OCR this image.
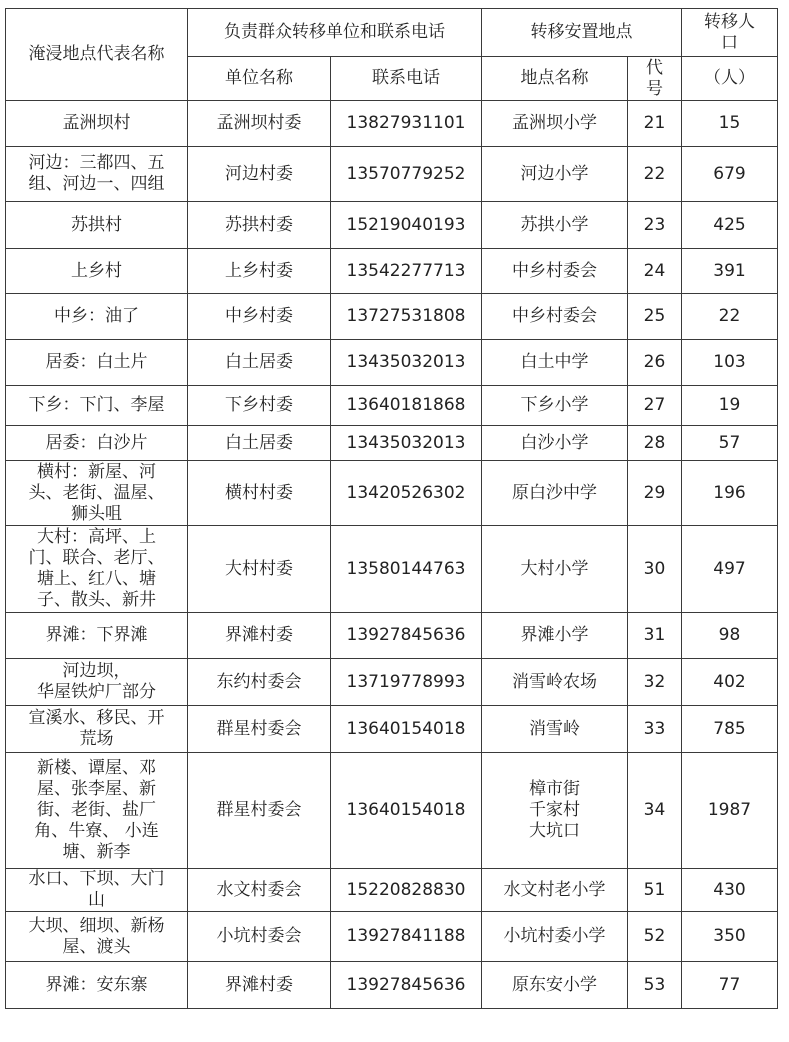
淹浸地点代表名称	负责群众转移单位和联系电话		转移安置地点		转移人
口
	单位名称	联系电话	地点名称	代
号	（人）
孟洲坝村	孟洲坝村委	13827931101	孟洲坝小学	21	15
河边：三都四、五
组、河边一、四组	河边村委	13570779252	河边小学	22	679
苏拱村	苏拱村委	15219040193	苏拱小学	23	425
上乡村	上乡村委	13542277713	中乡村委会	24	391
中乡：油了	中乡村委	13727531808	中乡村委会	25	22
居委：白土片	白土居委	13435032013	白土中学	26	103
下乡：下门、李屋	下乡村委	13640181868	下乡小学	27	19
居委：白沙片	白土居委	13435032013	白沙小学	28	57
横村：新屋、河
头、老街、温屋、
狮头咀	横村村委	13420526302	原白沙中学	29	196
大村：高坪、上
门、联合、老厅、
塘上、红八、塘
子、散头、新井	大村村委	13580144763	大村小学	30	497
界滩：下界滩	界滩村委	13927845636	界滩小学	31	98
河边坝，
华屋铁炉厂部分	东约村委会	13719778993	消雪岭农场	32	402
宣溪水、移民、开
荒场	群星村委会	13640154018	消雪岭	33	785
新楼、谭屋、邓
屋、张李屋、新
街、老街、盐厂
角、牛寮、 小连
塘、新李	群星村委会	13640154018	樟市街
千家村
大坑口	34	1987
水口、下坝、大门
山	水文村委会	15220828830	水文村老小学	51	430
大坝、细坝、新杨
屋、渡头	小坑村委会	13927841188	小坑村委小学	52	350
界滩：安东寨	界滩村委	13927845636	原东安小学	53	77
